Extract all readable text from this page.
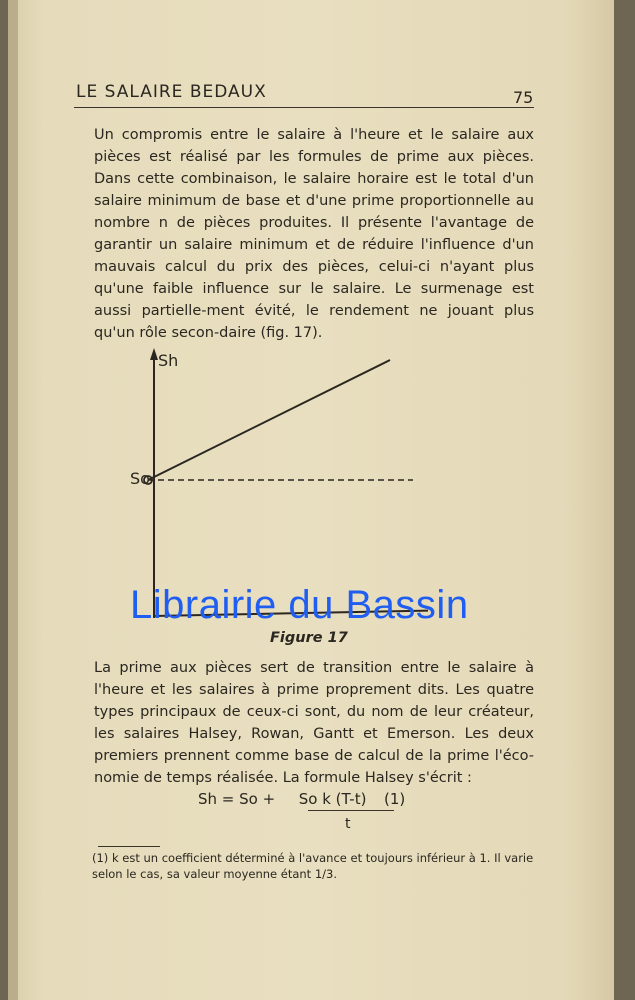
LE SALAIRE BEDAUX	75

Un compromis entre le salaire à l'heure et le salaire aux pièces est réalisé par les formules de prime aux pièces. Dans cette combinaison, le salaire horaire est le total d'un salaire minimum de base et d'une prime proportionnelle au nombre n de pièces produites. Il présente l'avantage de garantir un salaire minimum et de réduire l'influence d'un mauvais calcul du prix des pièces, celui-ci n'ayant plus qu'une faible influence sur le salaire. Le surmenage est aussi partielle-ment évité, le rendement ne jouant plus qu'un rôle secon-daire (fig. 17).

Sh
So
Librairie du Bassin
Figure 17

La prime aux pièces sert de transition entre le salaire à l'heure et les salaires à prime proprement dits. Les quatre types principaux de ceux-ci sont, du nom de leur créateur, les salaires Halsey, Rowan, Gantt et Emerson. Les deux premiers prennent comme base de calcul de la prime l'éco-nomie de temps réalisée. La formule Halsey s'écrit :

Sh = So + So k (T-t) (1)
t

(1) k est un coefficient déterminé à l'avance et toujours inférieur à 1. Il varie selon le cas, sa valeur moyenne étant 1/3.
